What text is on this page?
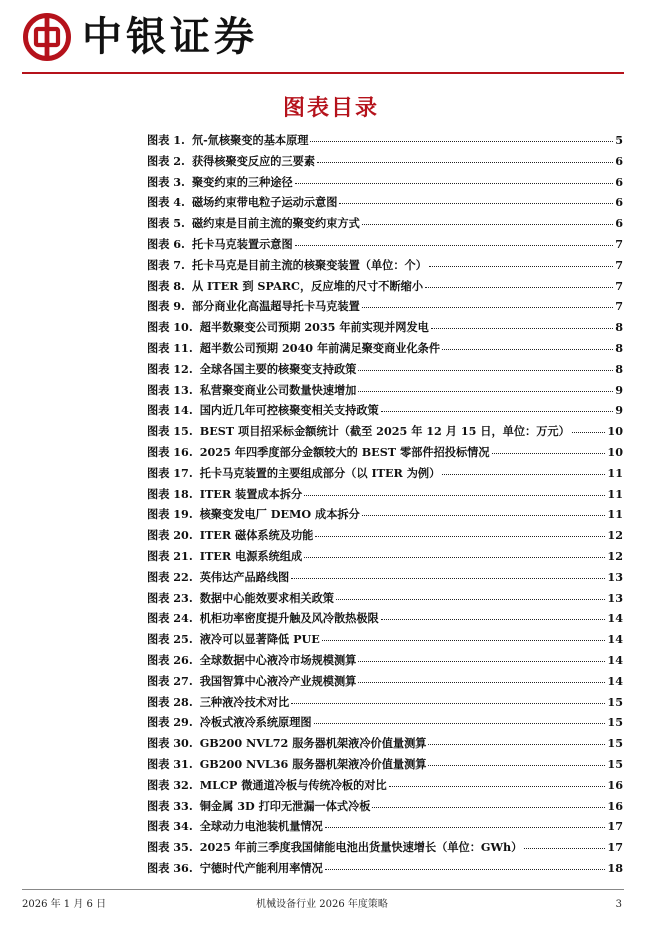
中银证券
图表目录
图表 1. 氘-氚核聚变的基本原理	5
图表 2. 获得核聚变反应的三要素	6
图表 3. 聚变约束的三种途径	6
图表 4. 磁场约束带电粒子运动示意图	6
图表 5. 磁约束是目前主流的聚变约束方式	6
图表 6. 托卡马克装置示意图	7
图表 7. 托卡马克是目前主流的核聚变装置（单位：个）	7
图表 8. 从 ITER 到 SPARC，反应堆的尺寸不断缩小	7
图表 9. 部分商业化高温超导托卡马克装置	7
图表 10. 超半数聚变公司预期 2035 年前实现并网发电	8
图表 11. 超半数公司预期 2040 年前满足聚变商业化条件	8
图表 12. 全球各国主要的核聚变支持政策	8
图表 13. 私营聚变商业公司数量快速增加	9
图表 14. 国内近几年可控核聚变相关支持政策	9
图表 15. BEST 项目招采标金额统计（截至 2025 年 12 月 15 日，单位：万元）	10
图表 16. 2025 年四季度部分金额较大的 BEST 零部件招投标情况	10
图表 17. 托卡马克装置的主要组成部分（以 ITER 为例）	11
图表 18. ITER 装置成本拆分	11
图表 19. 核聚变发电厂 DEMO 成本拆分	11
图表 20. ITER 磁体系统及功能	12
图表 21. ITER 电源系统组成	12
图表 22. 英伟达产品路线图	13
图表 23. 数据中心能效要求相关政策	13
图表 24. 机柜功率密度提升触及风冷散热极限	14
图表 25. 液冷可以显著降低 PUE	14
图表 26. 全球数据中心液冷市场规模测算	14
图表 27. 我国智算中心液冷产业规模测算	14
图表 28. 三种液冷技术对比	15
图表 29. 冷板式液冷系统原理图	15
图表 30. GB200 NVL72 服务器机架液冷价值量测算	15
图表 31. GB200 NVL36 服务器机架液冷价值量测算	15
图表 32. MLCP 微通道冷板与传统冷板的对比	16
图表 33. 铜金属 3D 打印无泄漏一体式冷板	16
图表 34. 全球动力电池装机量情况	17
图表 35. 2025 年前三季度我国储能电池出货量快速增长（单位：GWh）	17
图表 36. 宁德时代产能利用率情况	18
2026 年 1 月 6 日	机械设备行业 2026 年度策略	3
